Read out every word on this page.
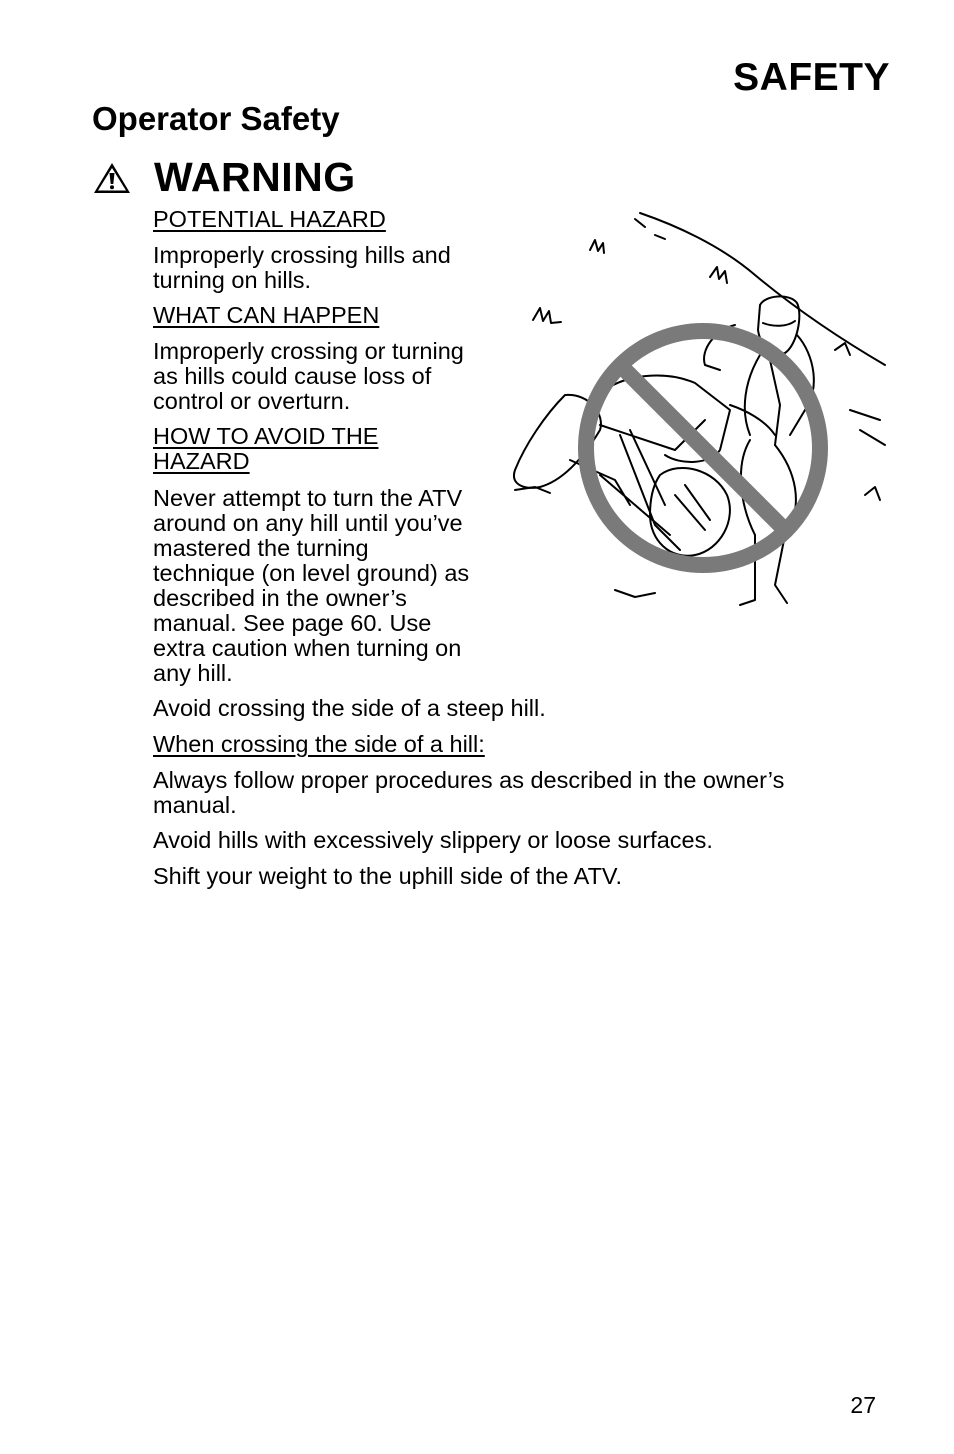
SAFETY
Operator Safety
WARNING
POTENTIAL HAZARD
Improperly crossing hills and turning on hills.
WHAT CAN HAPPEN
Improperly crossing or turning as hills could cause loss of control or overturn.
HOW TO AVOID THE HAZARD
Never attempt to turn the ATV around on any hill until you’ve mastered the turning technique (on level ground) as described in the owner’s manual. See page 60. Use extra caution when turning on any hill.
Avoid crossing the side of a steep hill.
When crossing the side of a hill:
Always follow proper procedures as described in the owner’s manual.
Avoid hills with excessively slippery or loose surfaces.
Shift your weight to the uphill side of the ATV.
27
